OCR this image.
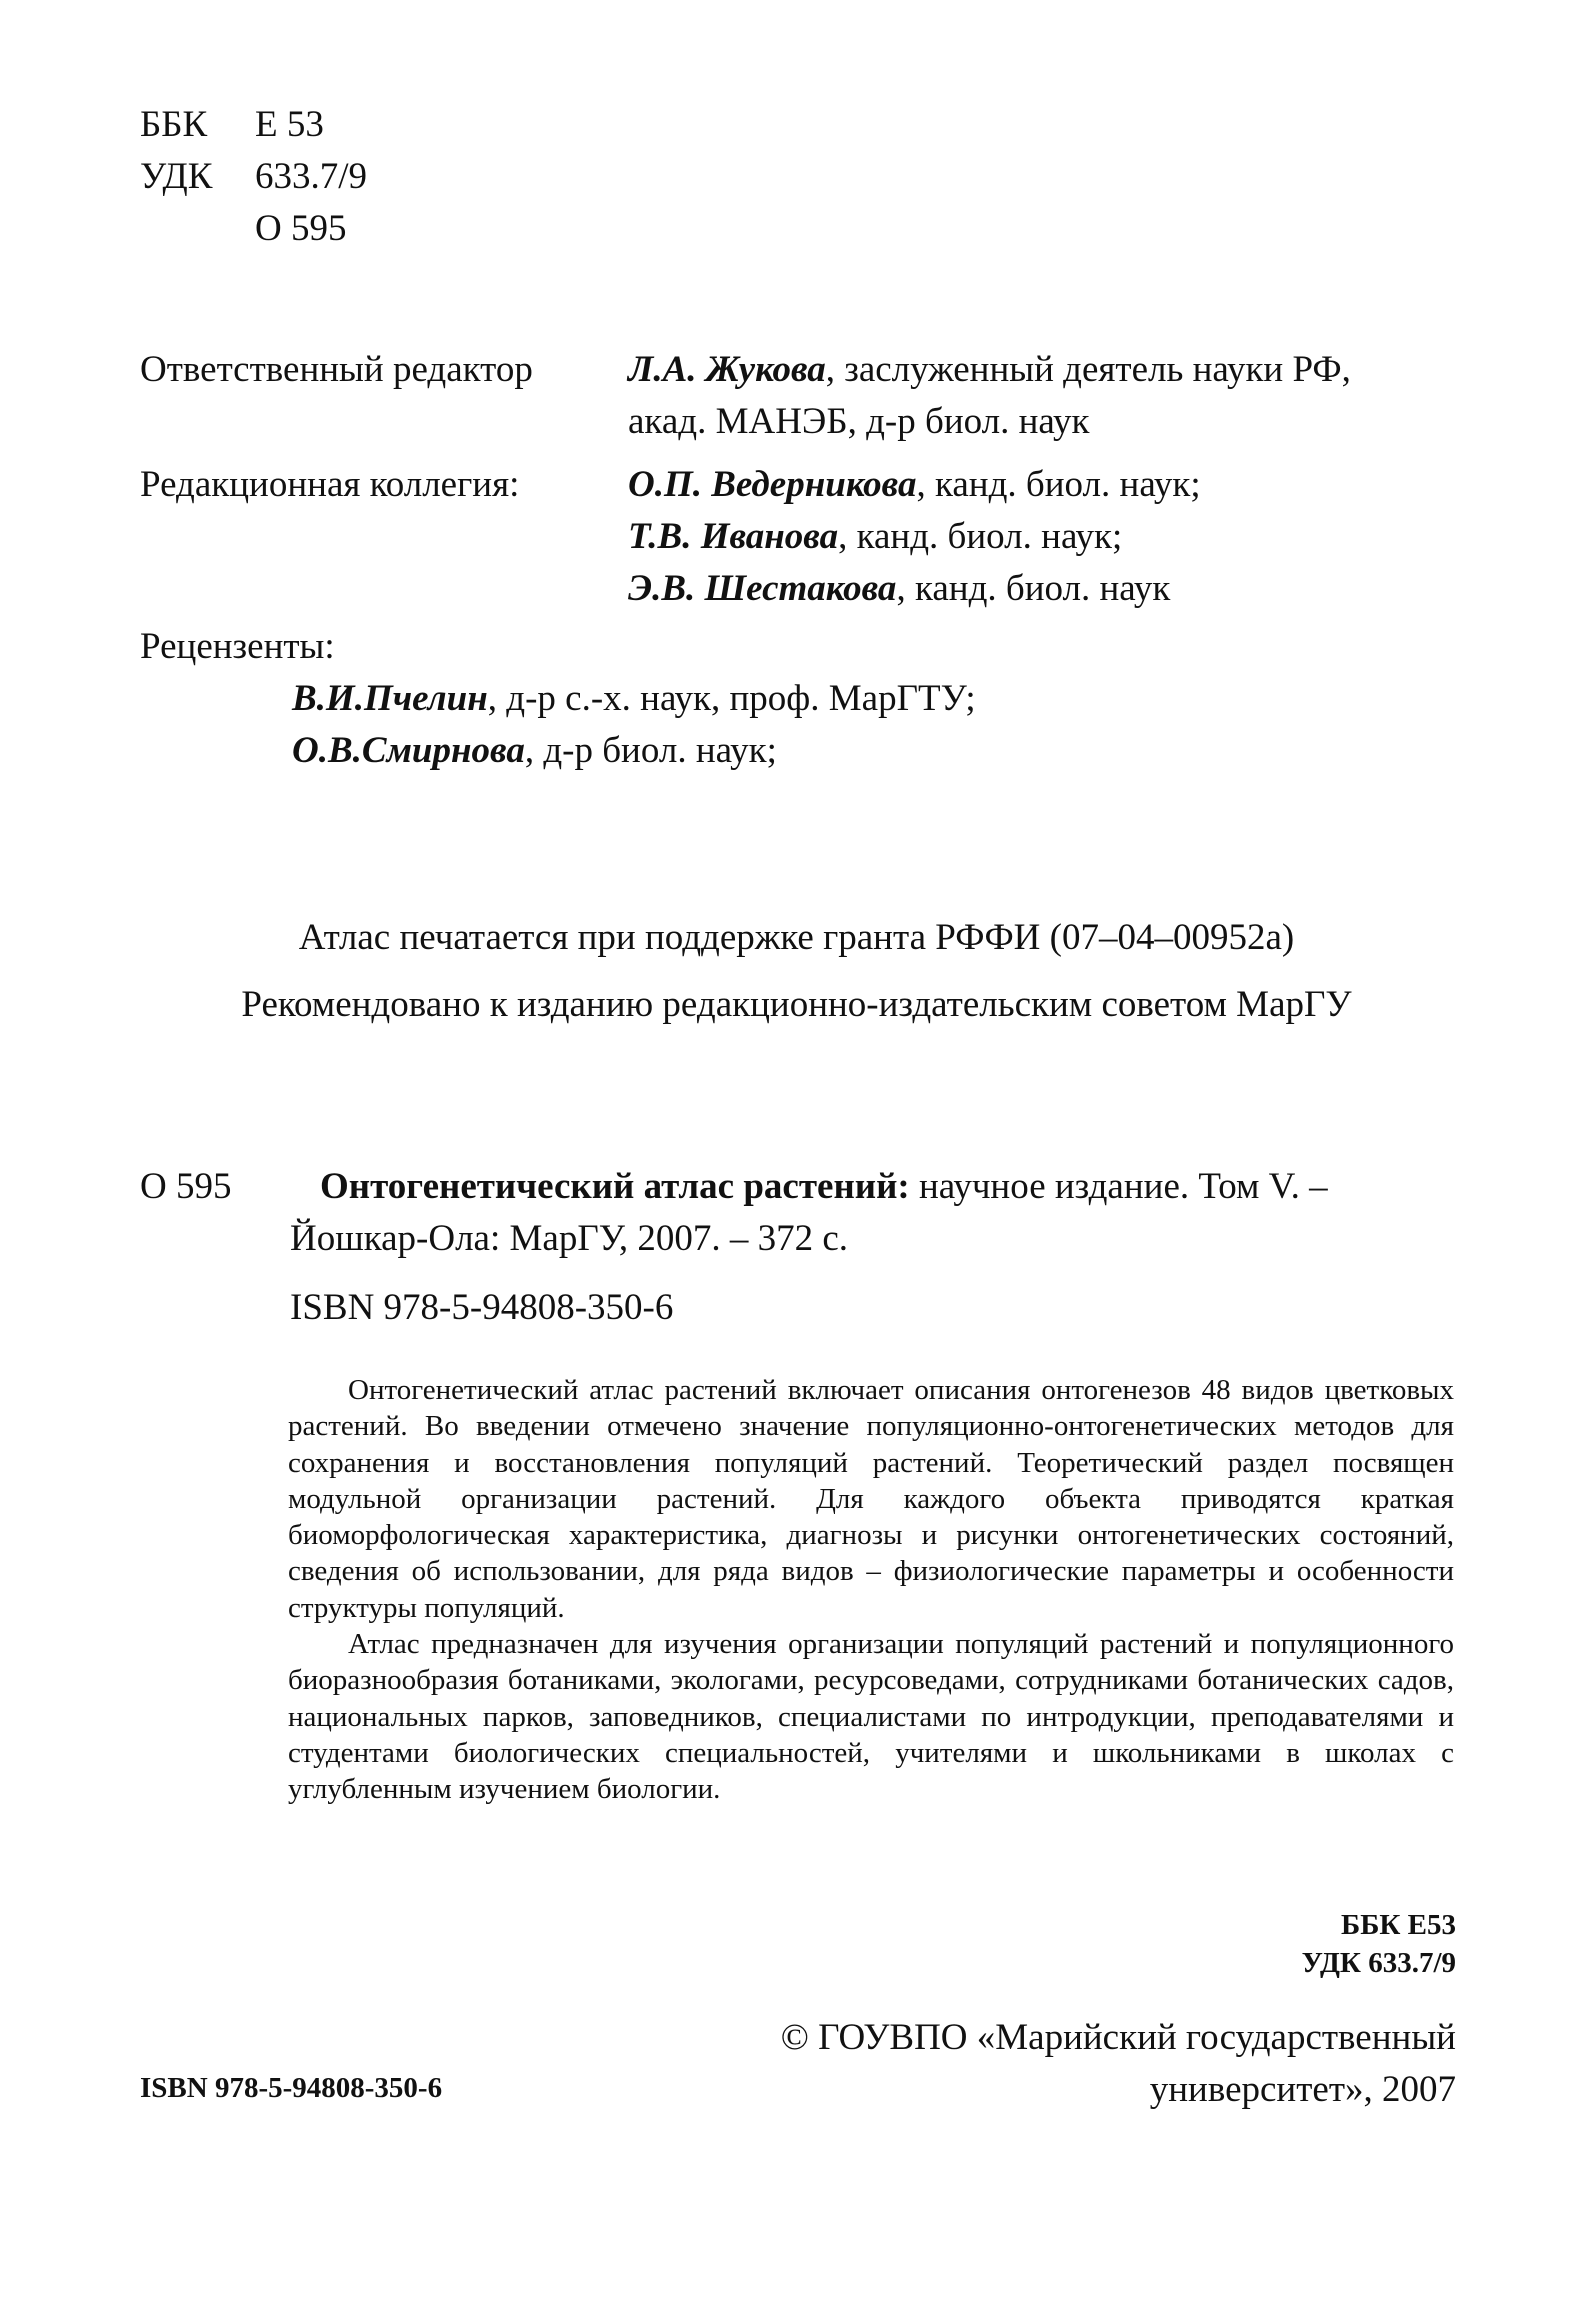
ББК Е 53
УДК 633.7/9
О 595
Ответственный редактор	Л.А. Жукова, заслуженный деятель науки РФ,
акад. МАНЭБ, д-р биол. наук
Редакционная коллегия:	О.П. Ведерникова, канд. биол. наук;
Т.В. Иванова, канд. биол. наук;
Э.В. Шестакова, канд. биол. наук
Рецензенты:
В.И.Пчелин, д-р с.-х. наук, проф. МарГТУ;
О.В.Смирнова, д-р биол. наук;
Атлас печатается при поддержке гранта РФФИ (07–04–00952а)
Рекомендовано к изданию редакционно-издательским советом МарГУ
О 595 Онтогенетический атлас растений: научное издание. Том V. –
Йошкар-Ола: МарГУ, 2007. – 372 с.
ISBN 978-5-94808-350-6

Онтогенетический атлас растений включает описания онтогенезов 48 видов цветковых растений. Во введении отмечено значение популяционно-онтогенетических методов для сохранения и восстановления популяций растений. Теоретический раздел посвящен модульной организации растений. Для каждого объекта приводятся краткая биоморфологическая характеристика, диагнозы и рисунки онтогенетических состояний, сведения об использовании, для ряда видов – физиологические параметры и особенности структуры популяций.

Атлас предназначен для изучения организации популяций растений и популяционного биоразнообразия ботаниками, экологами, ресурсоведами, сотрудниками ботанических садов, национальных парков, заповедников, специалистами по интродукции, преподавателями и студентами биологических специальностей, учителями и школьниками в школах с углубленным изучением биологии.

ББК Е53
УДК 633.7/9
ISBN 978-5-94808-350-6
© ГОУВПО «Марийский государственный
университет», 2007
